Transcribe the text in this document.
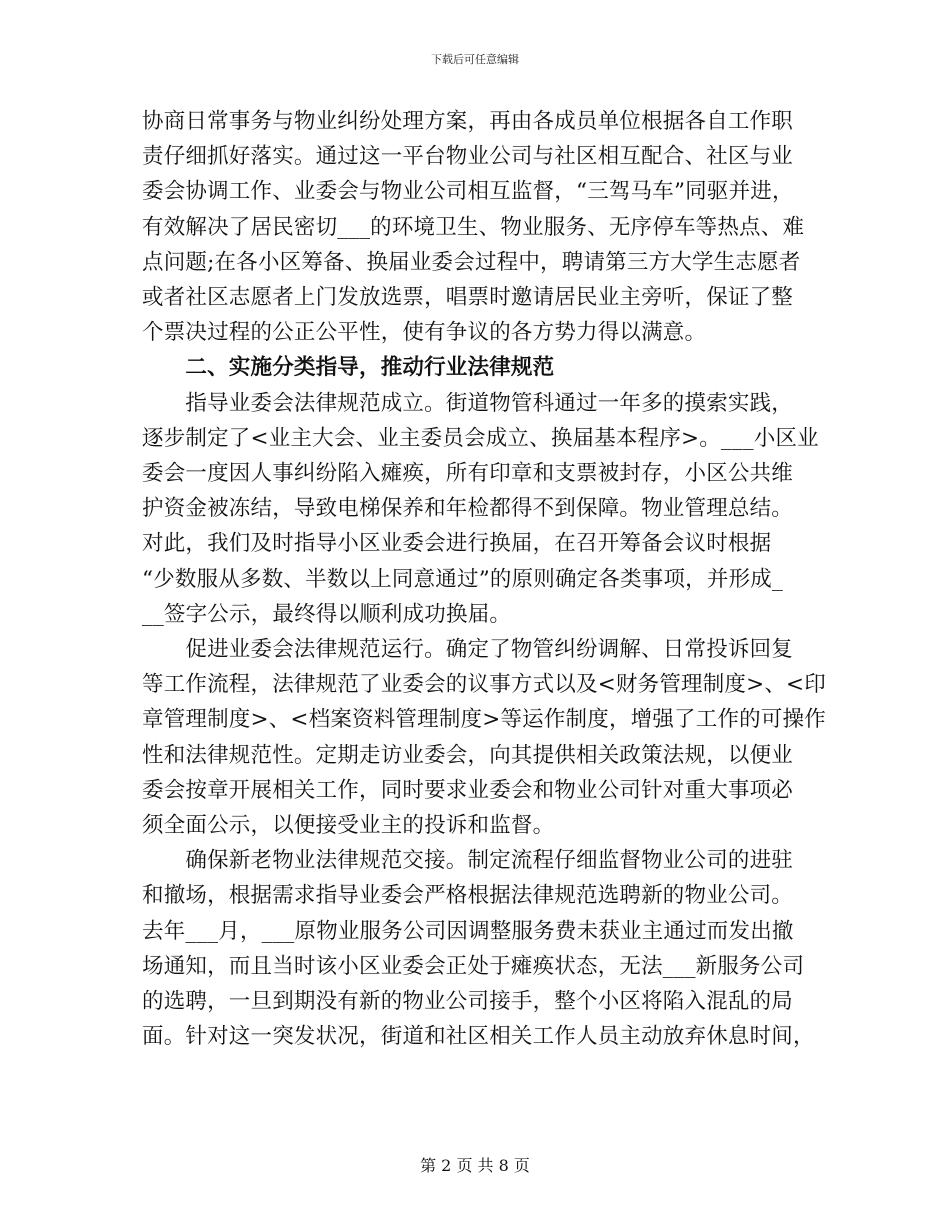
下载后可任意编辑
协商日常事务与物业纠纷处理方案，再由各成员单位根据各自工作职
责仔细抓好落实。通过这一平台物业公司与社区相互配合、社区与业
委会协调工作、业委会与物业公司相互监督，“三驾马车”同驱并进，
有效解决了居民密切___的环境卫生、物业服务、无序停车等热点、难
点问题;在各小区筹备、换届业委会过程中，聘请第三方大学生志愿者
或者社区志愿者上门发放选票，唱票时邀请居民业主旁听，保证了整
个票决过程的公正公平性，使有争议的各方势力得以满意。
　　二、实施分类指导，推动行业法律规范
　　指导业委会法律规范成立。街道物管科通过一年多的摸索实践，
逐步制定了<业主大会、业主委员会成立、换届基本程序>。___小区业
委会一度因人事纠纷陷入瘫痪，所有印章和支票被封存，小区公共维
护资金被冻结，导致电梯保养和年检都得不到保障。物业管理总结。
对此，我们及时指导小区业委会进行换届，在召开筹备会议时根据
“少数服从多数、半数以上同意通过”的原则确定各类事项，并形成_
__签字公示，最终得以顺利成功换届。
　　促进业委会法律规范运行。确定了物管纠纷调解、日常投诉回复
等工作流程，法律规范了业委会的议事方式以及<财务管理制度>、<印
章管理制度>、<档案资料管理制度>等运作制度，增强了工作的可操作
性和法律规范性。定期走访业委会，向其提供相关政策法规，以便业
委会按章开展相关工作，同时要求业委会和物业公司针对重大事项必
须全面公示，以便接受业主的投诉和监督。
　　确保新老物业法律规范交接。制定流程仔细监督物业公司的进驻
和撤场，根据需求指导业委会严格根据法律规范选聘新的物业公司。
去年___月，___原物业服务公司因调整服务费未获业主通过而发出撤
场通知，而且当时该小区业委会正处于瘫痪状态，无法___新服务公司
的选聘，一旦到期没有新的物业公司接手，整个小区将陷入混乱的局
面。针对这一突发状况，街道和社区相关工作人员主动放弃休息时间，
第 2 页 共 8 页
